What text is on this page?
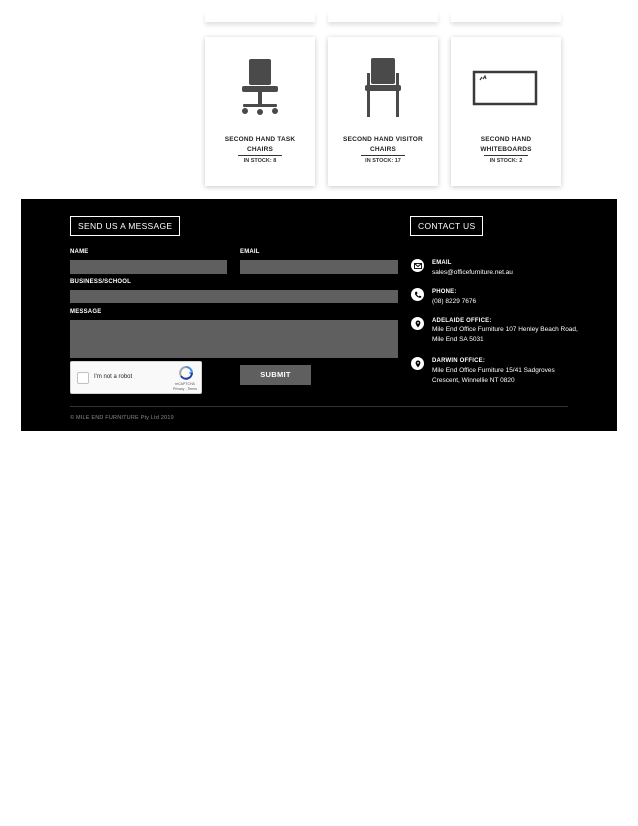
SECOND HAND TASK CHAIRS
IN STOCK: 8
SECOND HAND VISITOR CHAIRS
IN STOCK: 17
SECOND HAND WHITEBOARDS
IN STOCK: 2
SEND US A MESSAGE
NAME	EMAIL
BUSINESS/SCHOOL
MESSAGE
I'm not a robot
reCAPTCHA
Privacy - Terms
SUBMIT
CONTACT US
EMAIL
sales@officefurniture.net.au
PHONE:
(08) 8229 7676
ADELAIDE OFFICE:
Mile End Office Furniture 107 Henley Beach Road, Mile End SA 5031
DARWIN OFFICE:
Mile End Office Furniture 15/41 Sadgroves Crescent, Winnellie NT 0820
© MILE END FURNITURE Pty Ltd 2019
